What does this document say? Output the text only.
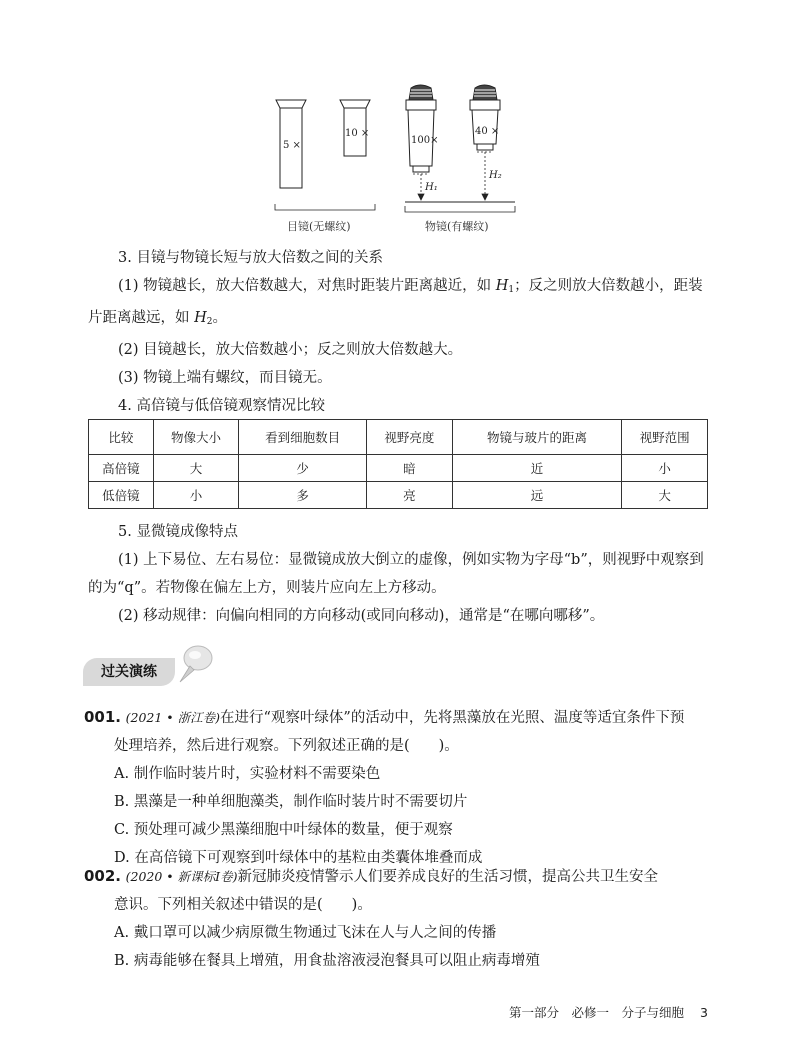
5 ×
10 ×
100×
40 ×
H₁
H₂
目镜(无螺纹)	物镜(有螺纹)
3. 目镜与物镜长短与放大倍数之间的关系
(1) 物镜越长，放大倍数越大，对焦时距装片距离越近，如 $H_1$；反之则放大倍数越小，距装
片距离越远，如 $H_2$。
(2) 目镜越长，放大倍数越小；反之则放大倍数越大。
(3) 物镜上端有螺纹，而目镜无。
4. 高倍镜与低倍镜观察情况比较
比较	物像大小	看到细胞数目	视野亮度	物镜与玻片的距离	视野范围
高倍镜	大	少	暗	近	小
低倍镜	小	多	亮	远	大
5. 显微镜成像特点
(1) 上下易位、左右易位：显微镜成放大倒立的虚像，例如实物为字母“b”，则视野中观察到
的为“q”。若物像在偏左上方，则装片应向左上方移动。
(2) 移动规律：向偏向相同的方向移动(或同向移动)，通常是“在哪向哪移”。
过关演练
001. (2021 • 浙江卷)在进行“观察叶绿体”的活动中，先将黑藻放在光照、温度等适宜条件下预
处理培养，然后进行观察。下列叙述正确的是(　　)。
A. 制作临时装片时，实验材料不需要染色
B. 黑藻是一种单细胞藻类，制作临时装片时不需要切片
C. 预处理可减少黑藻细胞中叶绿体的数量，便于观察
D. 在高倍镜下可观察到叶绿体中的基粒由类囊体堆叠而成
002. (2020 • 新课标Ⅰ卷)新冠肺炎疫情警示人们要养成良好的生活习惯，提高公共卫生安全
意识。下列相关叙述中错误的是(　　)。
A. 戴口罩可以减少病原微生物通过飞沫在人与人之间的传播
B. 病毒能够在餐具上增殖，用食盐溶液浸泡餐具可以阻止病毒增殖
第一部分　必修一　分子与细胞 3
